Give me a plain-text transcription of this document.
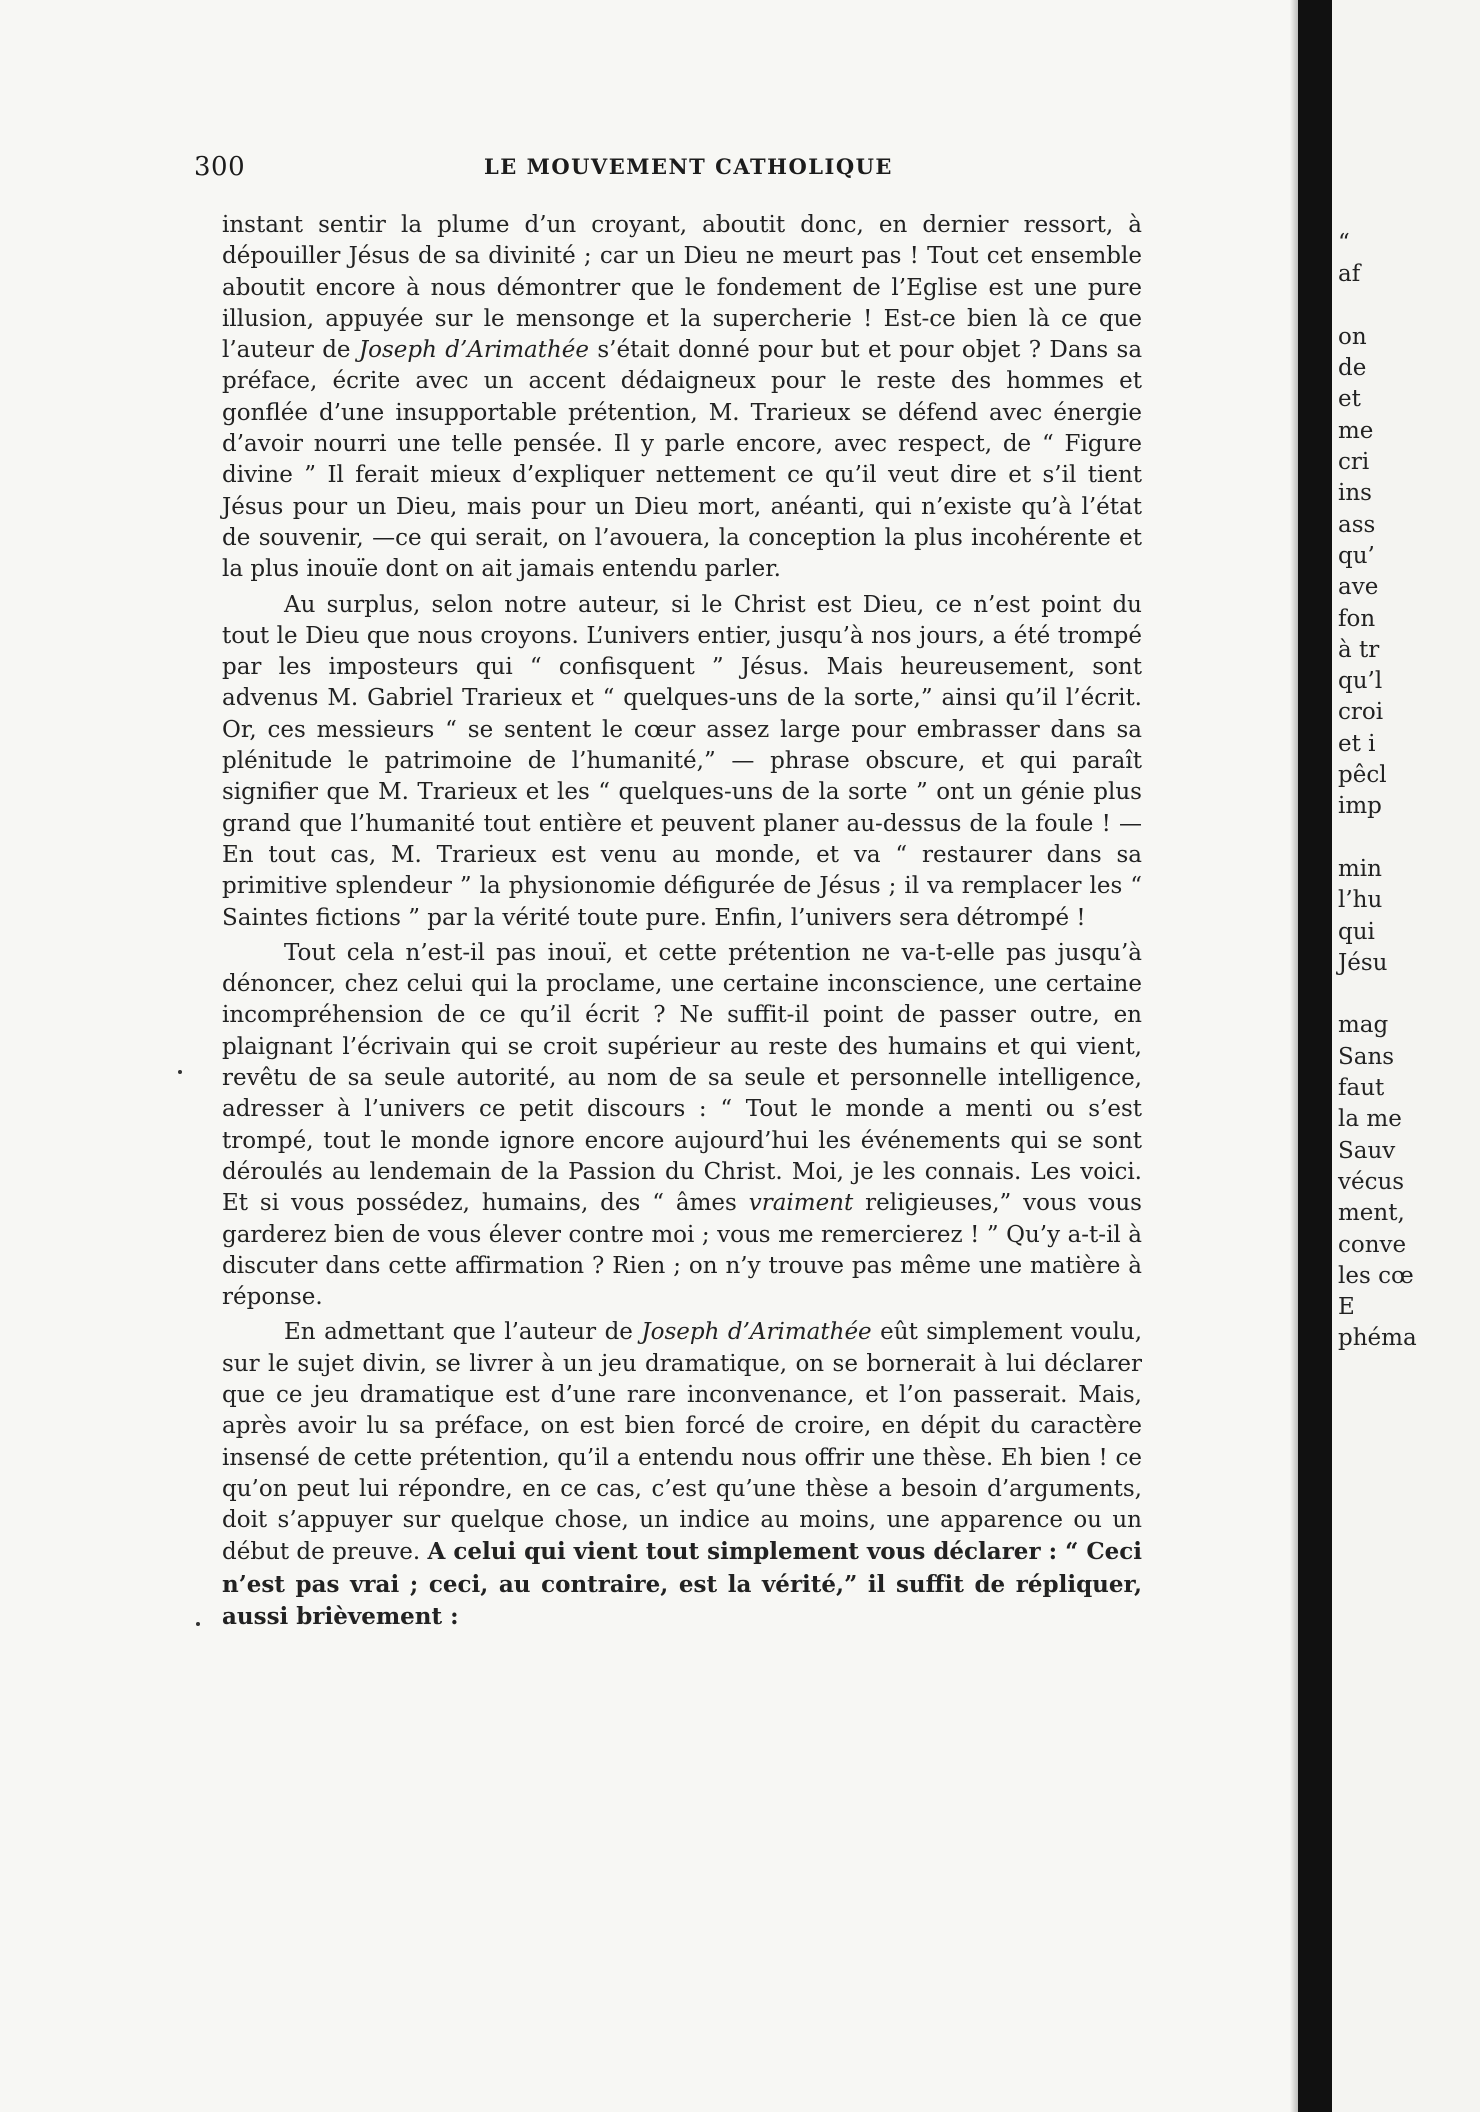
300	LE MOUVEMENT CATHOLIQUE

instant sentir la plume d’un croyant, aboutit donc, en dernier ressort, à dépouiller Jésus de sa divinité ; car un Dieu ne meurt pas ! Tout cet ensemble aboutit encore à nous démontrer que le fondement de l’Eglise est une pure illusion, appuyée sur le mensonge et la supercherie ! Est-ce bien là ce que l’auteur de Joseph d’Arimathée s’était donné pour but et pour objet ? Dans sa préface, écrite avec un accent dédaigneux pour le reste des hommes et gonflée d’une insupportable prétention, M. Trarieux se défend avec énergie d’avoir nourri une telle pensée. Il y parle encore, avec respect, de “ Figure divine ” Il ferait mieux d’expliquer nettement ce qu’il veut dire et s’il tient Jésus pour un Dieu, mais pour un Dieu mort, anéanti, qui n’existe qu’à l’état de souvenir, —ce qui serait, on l’avouera, la conception la plus incohérente et la plus inouïe dont on ait jamais entendu parler.

Au surplus, selon notre auteur, si le Christ est Dieu, ce n’est point du tout le Dieu que nous croyons. L’univers entier, jusqu’à nos jours, a été trompé par les imposteurs qui “ confisquent ” Jésus. Mais heureusement, sont advenus M. Gabriel Trarieux et “ quelques-uns de la sorte,” ainsi qu’il l’écrit. Or, ces messieurs “ se sentent le cœur assez large pour embrasser dans sa plénitude le patrimoine de l’humanité,” — phrase obscure, et qui paraît signifier que M. Trarieux et les “ quelques-uns de la sorte ” ont un génie plus grand que l’humanité tout entière et peuvent planer au-dessus de la foule ! — En tout cas, M. Trarieux est venu au monde, et va “ restaurer dans sa primitive splendeur ” la physionomie défigurée de Jésus ; il va remplacer les “ Saintes fictions ” par la vérité toute pure. Enfin, l’univers sera détrompé !

Tout cela n’est-il pas inouï, et cette prétention ne va-t-elle pas jusqu’à dénoncer, chez celui qui la proclame, une certaine inconscience, une certaine incompréhension de ce qu’il écrit ? Ne suffit-il point de passer outre, en plaignant l’écrivain qui se croit supérieur au reste des humains et qui vient, revêtu de sa seule autorité, au nom de sa seule et personnelle intelligence, adresser à l’univers ce petit discours : “ Tout le monde a menti ou s’est trompé, tout le monde ignore encore aujourd’hui les événements qui se sont déroulés au lendemain de la Passion du Christ. Moi, je les connais. Les voici. Et si vous possédez, humains, des “ âmes vraiment religieuses,” vous vous garderez bien de vous élever contre moi ; vous me remercierez ! ” Qu’y a-t-il à discuter dans cette affirmation ? Rien ; on n’y trouve pas même une matière à réponse.

En admettant que l’auteur de Joseph d’Arimathée eût simplement voulu, sur le sujet divin, se livrer à un jeu dramatique, on se bornerait à lui déclarer que ce jeu dramatique est d’une rare inconvenance, et l’on passerait. Mais, après avoir lu sa préface, on est bien forcé de croire, en dépit du caractère insensé de cette prétention, qu’il a entendu nous offrir une thèse. Eh bien ! ce qu’on peut lui répondre, en ce cas, c’est qu’une thèse a besoin d’arguments, doit s’appuyer sur quelque chose, un indice au moins, une apparence ou un début de preuve. A celui qui vient tout simplement vous déclarer : “ Ceci n’est pas vrai ; ceci, au contraire, est la vérité,” il suffit de répliquer, aussi brièvement :

“
af
on
de
et
me
cri
ins
ass
qu’
ave
fon
à tr
qu’l
croi
et i
pêcl
imp
min
l’hu
qui
Jésu
mag
Sans
faut
la me
Sauv
vécus
ment,
conve
les cœ
E
phéma
